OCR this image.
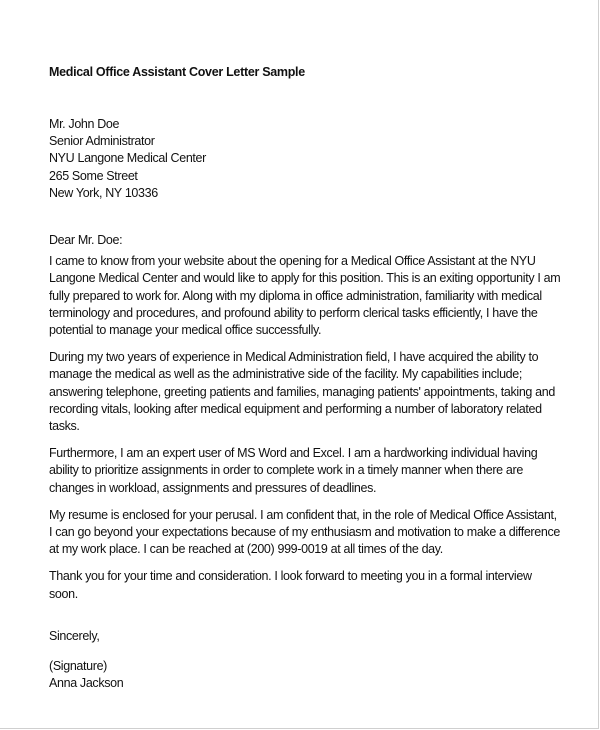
Medical Office Assistant Cover Letter Sample

Mr. John Doe

Senior Administrator

NYU Langone Medical Center

265 Some Street

New York, NY 10336

Dear Mr. Doe:

I came to know from your website about the opening for a Medical Office Assistant at the NYU Langone Medical Center and would like to apply for this position. This is an exiting opportunity I am fully prepared to work for. Along with my diploma in office administration, familiarity with medical terminology and procedures, and profound ability to perform clerical tasks efficiently, I have the potential to manage your medical office successfully.

During my two years of experience in Medical Administration field, I have acquired the ability to manage the medical as well as the administrative side of the facility. My capabilities include; answering telephone, greeting patients and families, managing patients' appointments, taking and recording vitals, looking after medical equipment and performing a number of laboratory related tasks.

Furthermore, I am an expert user of MS Word and Excel. I am a hardworking individual having ability to prioritize assignments in order to complete work in a timely manner when there are changes in workload, assignments and pressures of deadlines.

My resume is enclosed for your perusal. I am confident that, in the role of Medical Office Assistant, I can go beyond your expectations because of my enthusiasm and motivation to make a difference at my work place. I can be reached at (200) 999-0019 at all times of the day.

Thank you for your time and consideration. I look forward to meeting you in a formal interview soon.

Sincerely,

(Signature)

Anna Jackson
